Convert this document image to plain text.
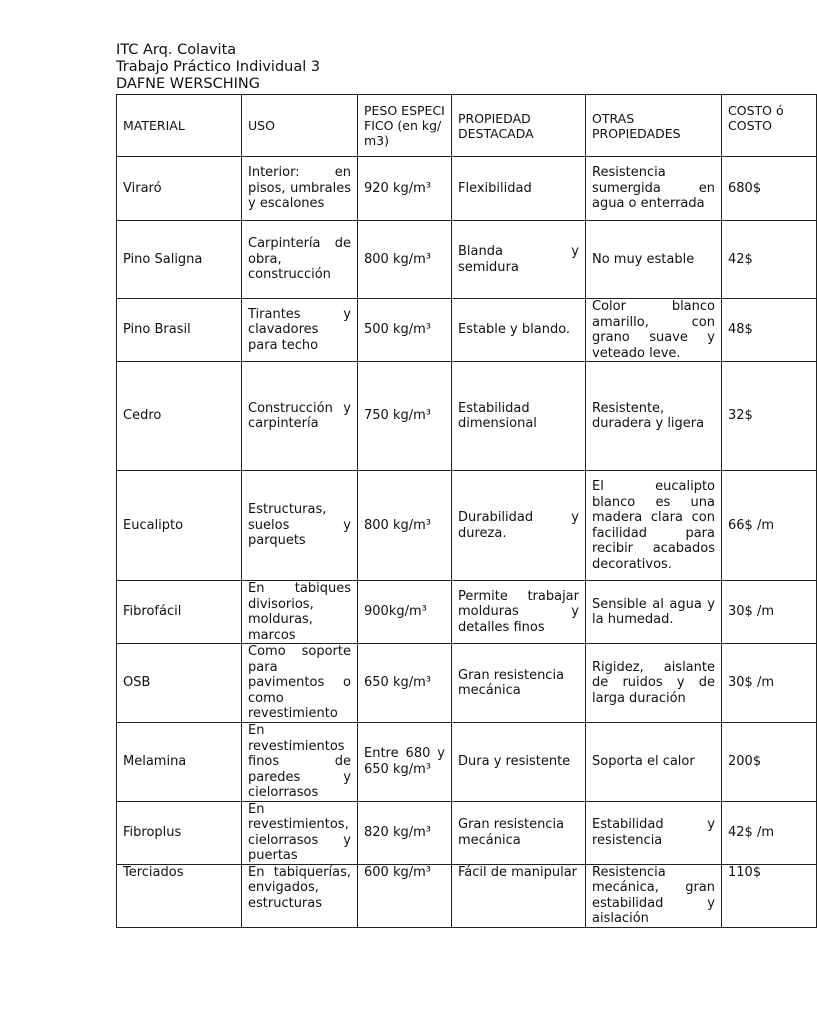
ITC Arq. Colavita
Trabajo Práctico Individual 3
DAFNE WERSCHING
MATERIAL	USO	PESO ESPECIFICO (en kg/m3)	PROPIEDAD DESTACADA	OTRAS PROPIEDADES	COSTO ó COSTO
Viraró	Interior: en pisos, umbrales y escalones	920 kg/m³	Flexibilidad	Resistencia sumergida en agua o enterrada	680$
Pino Saligna	Carpintería de obra, construcción	800 kg/m³	Blanda y semidura	No muy estable	42$
Pino Brasil	Tirantes y clavadores para techo	500 kg/m³	Estable y blando.	Color blanco amarillo, con grano suave y veteado leve.	48$
Cedro	Construcción y carpintería	750 kg/m³	Estabilidad dimensional	Resistente, duradera y ligera	32$
Eucalipto	Estructuras, suelos y parquets	800 kg/m³	Durabilidad y dureza.	El eucalipto blanco es una madera clara con facilidad para recibir acabados decorativos.	66$ /m
Fibrofácil	En tabiques divisorios, molduras, marcos	900kg/m³	Permite trabajar molduras y detalles finos	Sensible al agua y la humedad.	30$ /m
OSB	Como soporte para pavimentos o como revestimiento	650 kg/m³	Gran resistencia mecánica	Rigidez, aislante de ruidos y de larga duración	30$ /m
Melamina	En revestimientos finos de paredes y cielorrasos	Entre 680 y 650 kg/m³	Dura y resistente	Soporta el calor	200$
Fibroplus	En revestimientos, cielorrasos y puertas	820 kg/m³	Gran resistencia mecánica	Estabilidad y resistencia	42$ /m
Terciados	En tabiquerías, envigados, estructuras	600 kg/m³	Fácil de manipular	Resistencia mecánica, gran estabilidad y aislación	110$
